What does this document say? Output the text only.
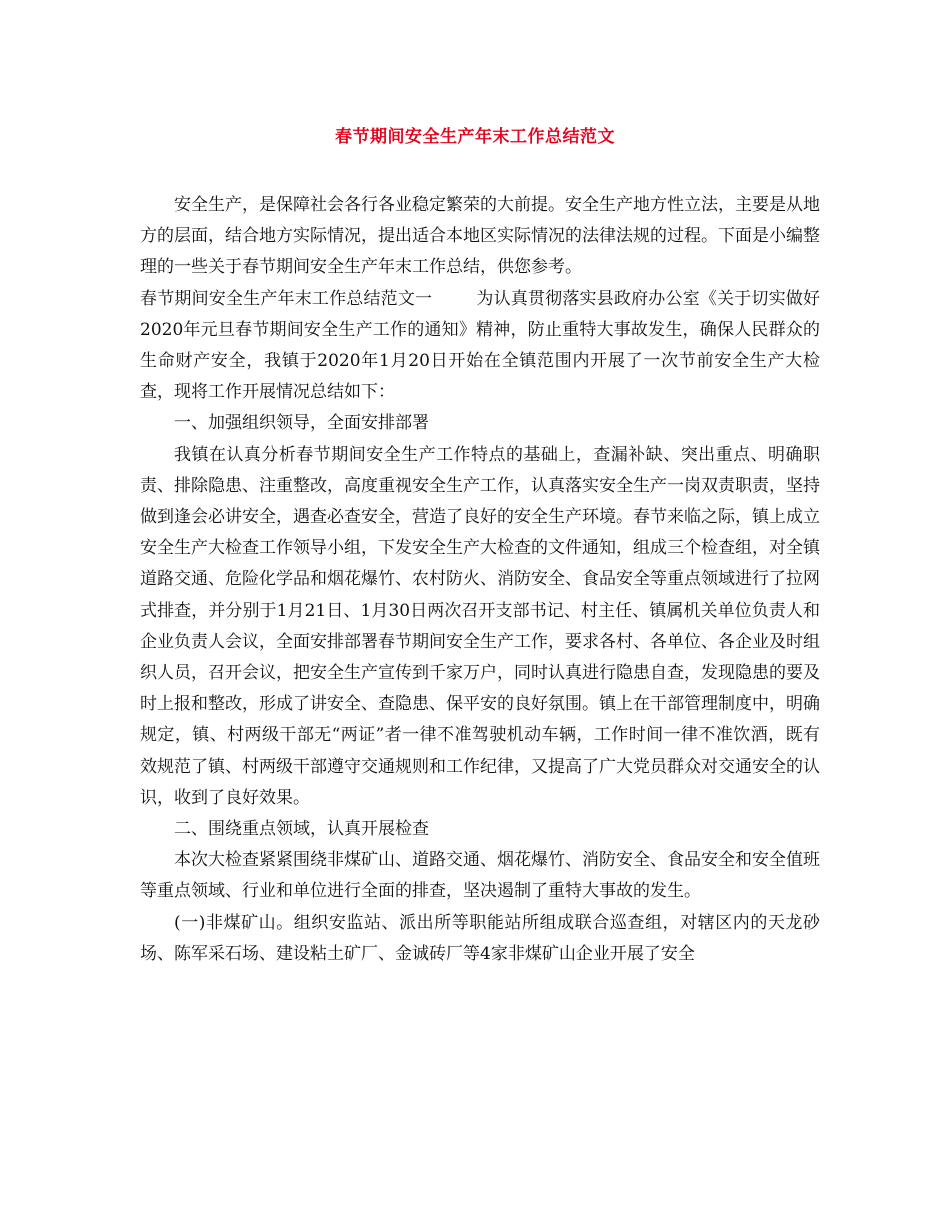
春节期间安全生产年末工作总结范文

安全生产，是保障社会各行各业稳定繁荣的大前提。安全生产地方性立法，主要是从地方的层面，结合地方实际情况，提出适合本地区实际情况的法律法规的过程。下面是小编整理的一些关于春节期间安全生产年末工作总结，供您参考。

春节期间安全生产年末工作总结范文一	为认真贯彻落实县政府办公室《关于切实做好2020年元旦春节期间安全生产工作的通知》精神，防止重特大事故发生，确保人民群众的生命财产安全，我镇于2020年1月20日开始在全镇范围内开展了一次节前安全生产大检查，现将工作开展情况总结如下：

一、加强组织领导，全面安排部署

我镇在认真分析春节期间安全生产工作特点的基础上，查漏补缺、突出重点、明确职责、排除隐患、注重整改，高度重视安全生产工作，认真落实安全生产一岗双责职责，坚持做到逢会必讲安全，遇查必查安全，营造了良好的安全生产环境。春节来临之际，镇上成立安全生产大检查工作领导小组，下发安全生产大检查的文件通知，组成三个检查组，对全镇道路交通、危险化学品和烟花爆竹、农村防火、消防安全、食品安全等重点领域进行了拉网式排查，并分别于1月21日、1月30日两次召开支部书记、村主任、镇属机关单位负责人和企业负责人会议，全面安排部署春节期间安全生产工作，要求各村、各单位、各企业及时组织人员，召开会议，把安全生产宣传到千家万户，同时认真进行隐患自查，发现隐患的要及时上报和整改，形成了讲安全、查隐患、保平安的良好氛围。镇上在干部管理制度中，明确规定，镇、村两级干部无“两证”者一律不准驾驶机动车辆，工作时间一律不准饮酒，既有效规范了镇、村两级干部遵守交通规则和工作纪律，又提高了广大党员群众对交通安全的认识，收到了良好效果。

二、围绕重点领域，认真开展检查

本次大检查紧紧围绕非煤矿山、道路交通、烟花爆竹、消防安全、食品安全和安全值班等重点领域、行业和单位进行全面的排查，坚决遏制了重特大事故的发生。

(一)非煤矿山。组织安监站、派出所等职能站所组成联合巡查组，对辖区内的天龙砂场、陈军采石场、建设粘土矿厂、金诚砖厂等4家非煤矿山企业开展了安全
